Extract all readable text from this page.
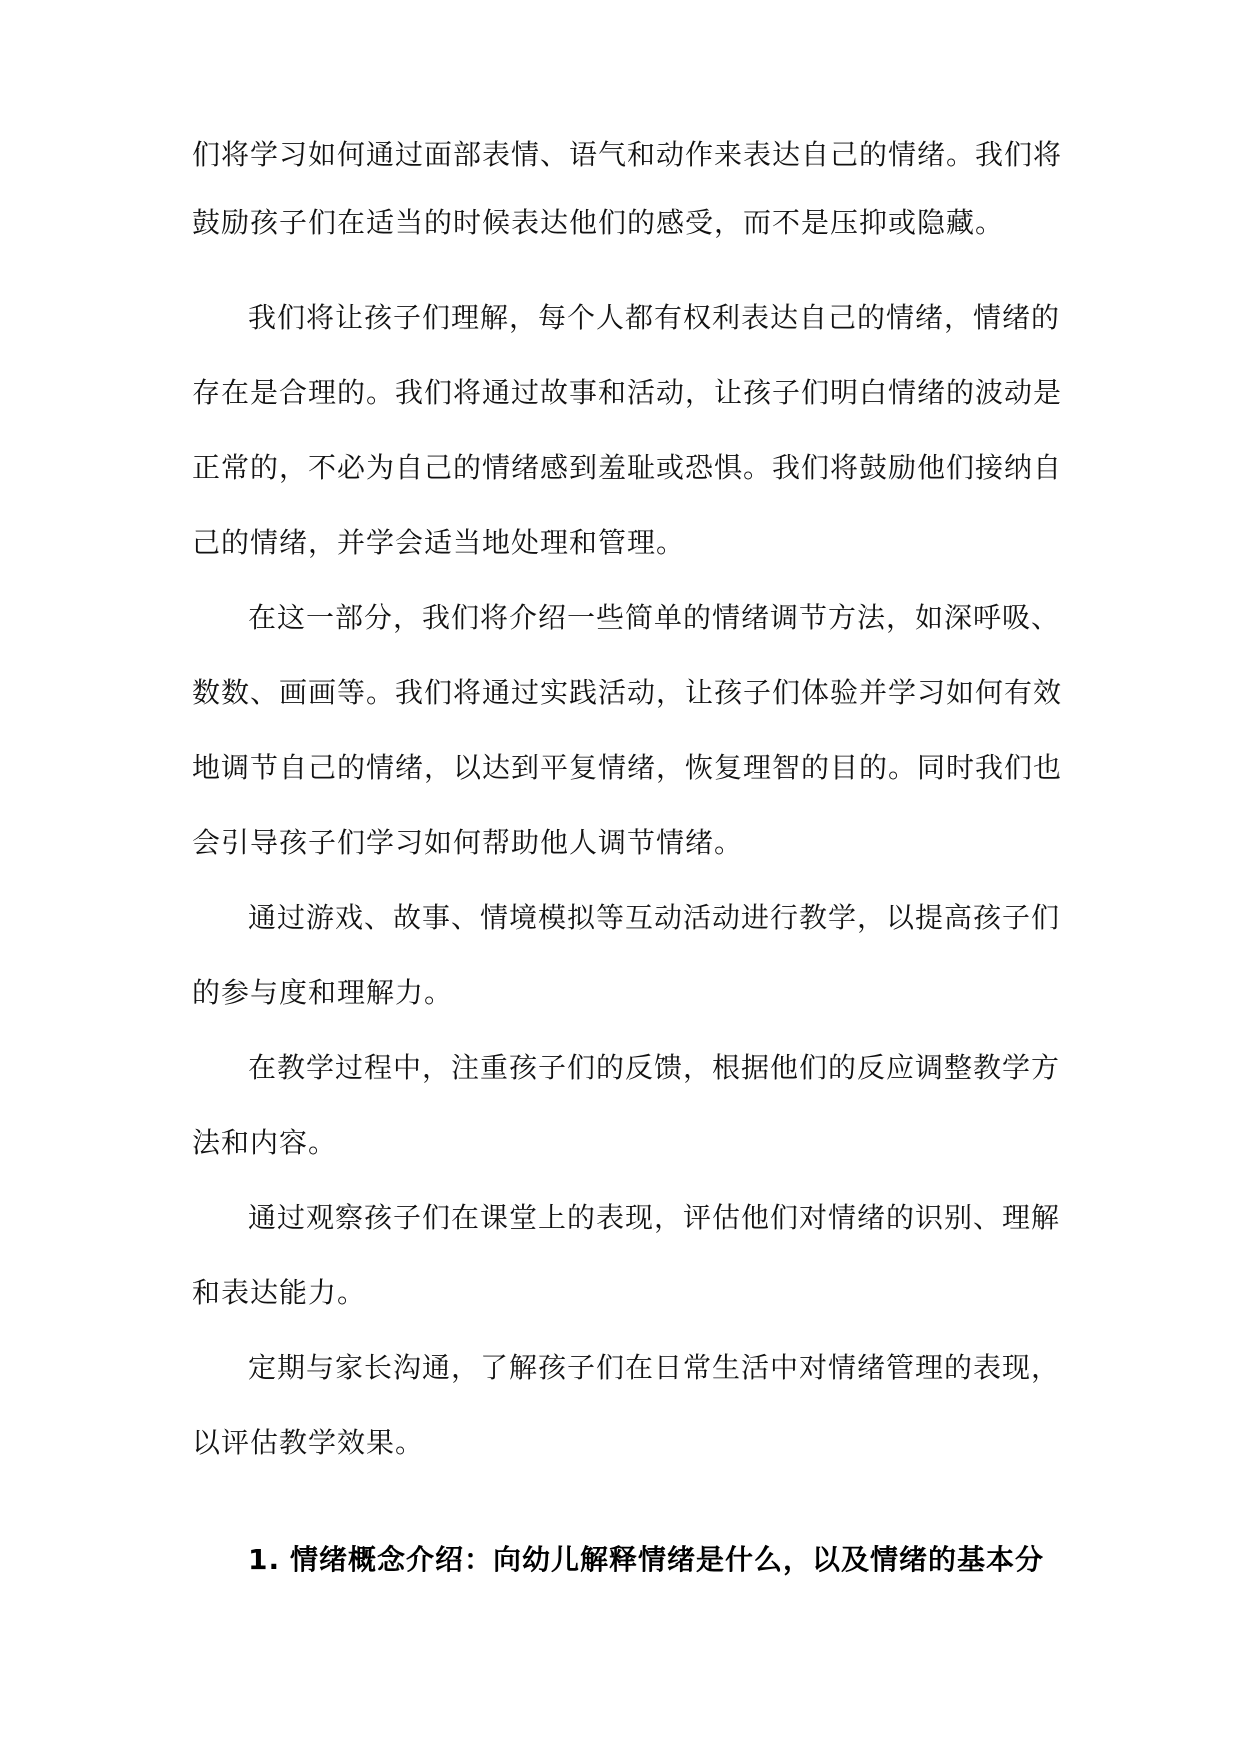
们将学习如何通过面部表情、语气和动作来表达自己的情绪。我们将

鼓励孩子们在适当的时候表达他们的感受，而不是压抑或隐藏。

我们将让孩子们理解，每个人都有权利表达自己的情绪，情绪的

存在是合理的。我们将通过故事和活动，让孩子们明白情绪的波动是

正常的，不必为自己的情绪感到羞耻或恐惧。我们将鼓励他们接纳自

己的情绪，并学会适当地处理和管理。

在这一部分，我们将介绍一些简单的情绪调节方法，如深呼吸、

数数、画画等。我们将通过实践活动，让孩子们体验并学习如何有效

地调节自己的情绪，以达到平复情绪，恢复理智的目的。同时我们也

会引导孩子们学习如何帮助他人调节情绪。

通过游戏、故事、情境模拟等互动活动进行教学，以提高孩子们

的参与度和理解力。

在教学过程中，注重孩子们的反馈，根据他们的反应调整教学方

法和内容。

通过观察孩子们在课堂上的表现，评估他们对情绪的识别、理解

和表达能力。

定期与家长沟通，了解孩子们在日常生活中对情绪管理的表现，

以评估教学效果。

1. 情绪概念介绍：向幼儿解释情绪是什么，以及情绪的基本分
